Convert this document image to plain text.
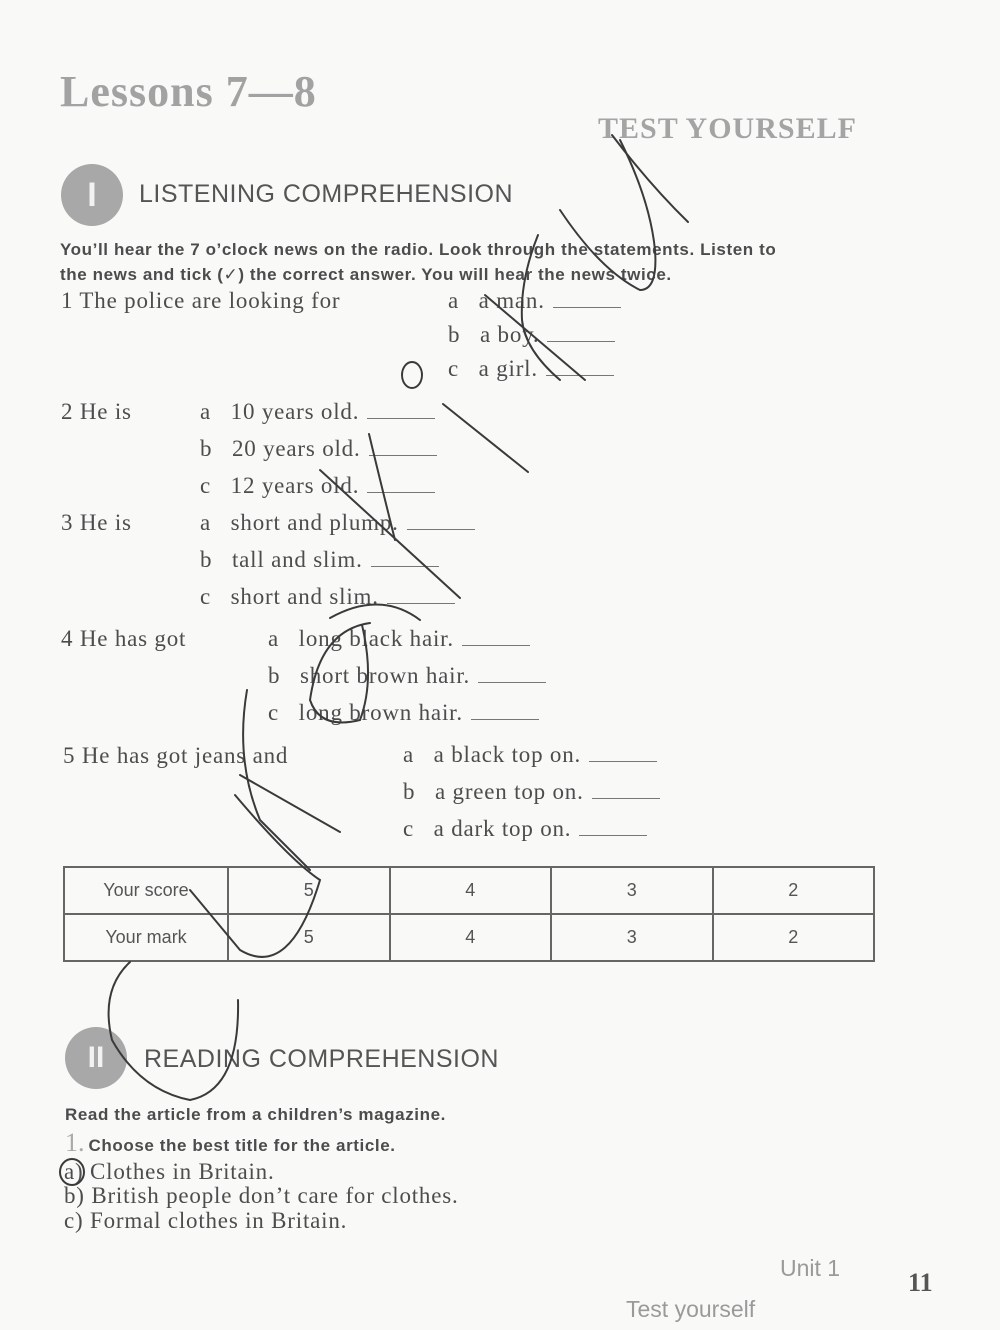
Lessons 7—8
TEST YOURSELF
I LISTENING COMPREHENSION
You’ll hear the 7 o’clock news on the radio. Look through the statements. Listen to
the news and tick (✓) the correct answer. You will hear the news twice.
1 The police are looking for	a a man.
b a boy.
c a girl.
2 He is	a 10 years old.
b 20 years old.
c 12 years old.
3 He is	a short and plump.
b tall and slim.
c short and slim.
4 He has got	a long black hair.
b short brown hair.
c long brown hair.
5 He has got jeans and	a a black top on.
b a green top on.
c a dark top on.
Your score	5	4	3	2
Your mark	5	4	3	2
II READING COMPREHENSION
Read the article from a children’s magazine.
1. Choose the best title for the article.
a) Clothes in Britain.
b) British people don’t care for clothes.
c) Formal clothes in Britain.
Unit 1
Test yourself
11
